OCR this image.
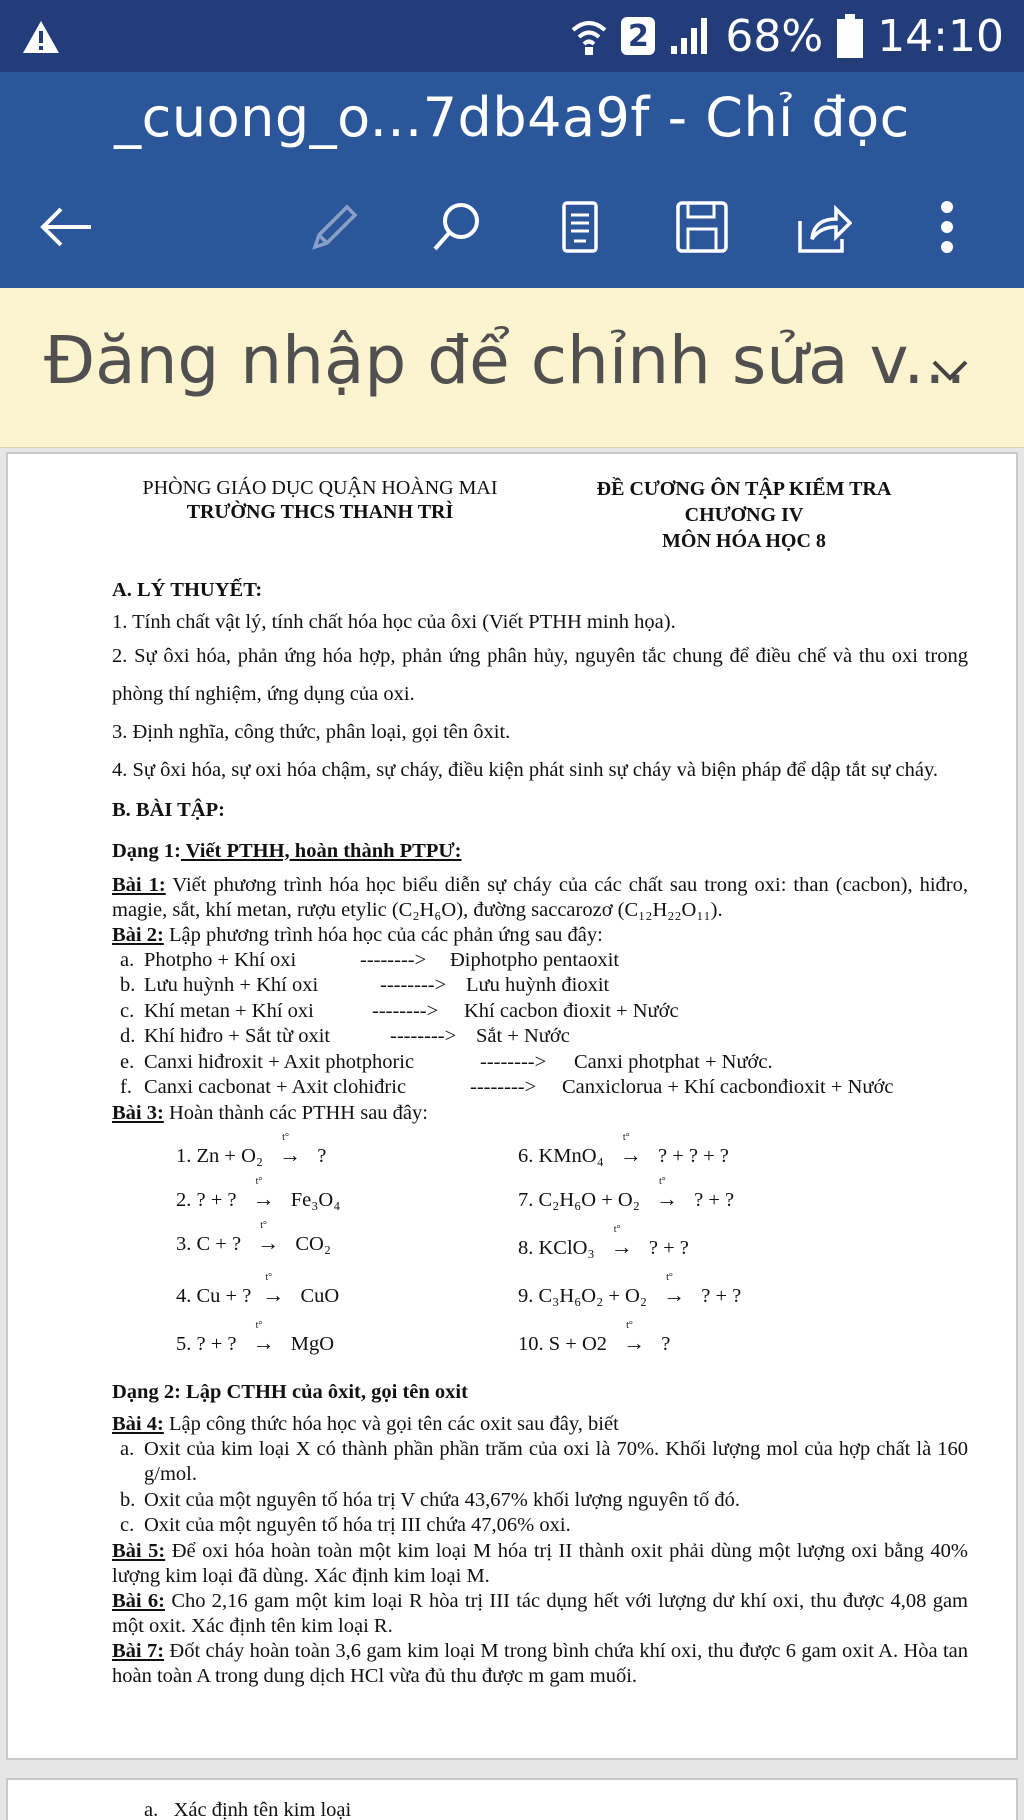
2 68% 14:10
_cuong_o...7db4a9f - Chỉ đọc
Đăng nhập để chỉnh sửa v...
PHÒNG GIÁO DỤC QUẬN HOÀNG MAI
TRƯỜNG THCS THANH TRÌ
ĐỀ CƯƠNG ÔN TẬP KIỂM TRA
CHƯƠNG IV
MÔN HÓA HỌC 8
A. LÝ THUYẾT:
1. Tính chất vật lý, tính chất hóa học của ôxi (Viết PTHH minh họa).
2. Sự ôxi hóa, phản ứng hóa hợp, phản ứng phân hủy, nguyên tắc chung để điều chế và thu oxi trong phòng thí nghiệm, ứng dụng của oxi.
3. Định nghĩa, công thức, phân loại, gọi tên ôxit.
4. Sự ôxi hóa, sự oxi hóa chậm, sự cháy, điều kiện phát sinh sự cháy và biện pháp để dập tắt sự cháy.
B. BÀI TẬP:
Dạng 1: Viết PTHH, hoàn thành PTPƯ:
Bài 1: Viết phương trình hóa học biểu diễn sự cháy của các chất sau trong oxi: than (cacbon), hiđro, magie, sắt, khí metan, rượu etylic (C₂H₆O), đường saccarozơ (C₁₂H₂₂O₁₁).
Bài 2: Lập phương trình hóa học của các phản ứng sau đây:
a. Photpho + Khí oxi	--------> Điphotpho pentaoxit
b. Lưu huỳnh + Khí oxi	--------> Lưu huỳnh đioxit
c. Khí metan + Khí oxi	--------> Khí cacbon đioxit + Nước
d. Khí hiđro + Sắt từ oxit	--------> Sắt + Nước
e. Canxi hiđroxit + Axit photphoric	--------> Canxi photphat + Nước.
f. Canxi cacbonat + Axit clohiđric	--------> Canxiclorua + Khí cacbonđioxit + Nước
Bài 3: Hoàn thành các PTHH sau đây:
1. Zn + O₂ → t°	?
2. ? + ? → t°	Fe₃O₄
3. C + ? → t°	CO₂
4. Cu + ? → t° CuO
5. ? + ? → t°	MgO
6. KMnO₄ → t°	? + ? + ?
7. C₂H₆O + O₂ → t°	? + ?
8. KClO₃ → t°	? + ?
9. C₃H₆O₂ + O₂ → t°	? + ?
10. S + O2 → t°	?
Dạng 2: Lập CTHH của ôxit, gọi tên oxit
Bài 4: Lập công thức hóa học và gọi tên các oxit sau đây, biết
a. Oxit của kim loại X có thành phần phần trăm của oxi là 70%. Khối lượng mol của hợp chất là 160 g/mol.
b. Oxit của một nguyên tố hóa trị V chứa 43,67% khối lượng nguyên tố đó.
c. Oxit của một nguyên tố hóa trị III chứa 47,06% oxi.
Bài 5: Để oxi hóa hoàn toàn một kim loại M hóa trị II thành oxit phải dùng một lượng oxi bằng 40% lượng kim loại đã dùng. Xác định kim loại M.
Bài 6: Cho 2,16 gam một kim loại R hòa trị III tác dụng hết với lượng dư khí oxi, thu được 4,08 gam một oxit. Xác định tên kim loại R.
Bài 7: Đốt cháy hoàn toàn 3,6 gam kim loại M trong bình chứa khí oxi, thu được 6 gam oxit A. Hòa tan hoàn toàn A trong dung dịch HCl vừa đủ thu được m gam muối.
a.   Xác định tên kim loại
